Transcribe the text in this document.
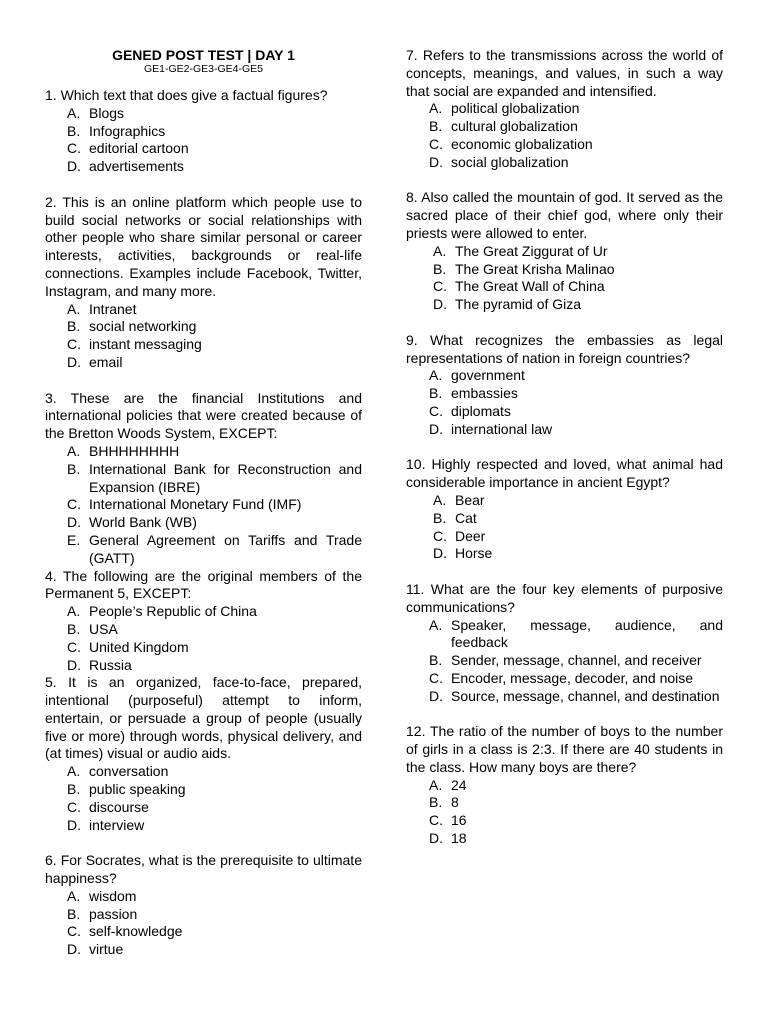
GENED POST TEST | DAY 1
GE1-GE2-GE3-GE4-GE5
1. Which text that does give a factual figures?
A. Blogs
B. Infographics
C. editorial cartoon
D. advertisements
2. This is an online platform which people use to build social networks or social relationships with other people who share similar personal or career interests, activities, backgrounds or real-life connections. Examples include Facebook, Twitter, Instagram, and many more.
A. Intranet
B. social networking
C. instant messaging
D. email
3. These are the financial Institutions and international policies that were created because of the Bretton Woods System, EXCEPT:
A. BHHHHHHHH
B. International Bank for Reconstruction and Expansion (IBRE)
C. International Monetary Fund (IMF)
D. World Bank (WB)
E. General Agreement on Tariffs and Trade (GATT)
4. The following are the original members of the Permanent 5, EXCEPT:
A. People’s Republic of China
B. USA
C. United Kingdom
D. Russia
5. It is an organized, face-to-face, prepared, intentional (purposeful) attempt to inform, entertain, or persuade a group of people (usually five or more) through words, physical delivery, and (at times) visual or audio aids.
A. conversation
B. public speaking
C. discourse
D. interview
6. For Socrates, what is the prerequisite to ultimate happiness?
A. wisdom
B. passion
C. self-knowledge
D. virtue
7. Refers to the transmissions across the world of concepts, meanings, and values, in such a way that social are expanded and intensified.
A. political globalization
B. cultural globalization
C. economic globalization
D. social globalization
8. Also called the mountain of god. It served as the sacred place of their chief god, where only their priests were allowed to enter.
A. The Great Ziggurat of Ur
B. The Great Krisha Malinao
C. The Great Wall of China
D. The pyramid of Giza
9. What recognizes the embassies as legal representations of nation in foreign countries?
A. government
B. embassies
C. diplomats
D. international law
10. Highly respected and loved, what animal had considerable importance in ancient Egypt?
A. Bear
B. Cat
C. Deer
D. Horse
11. What are the four key elements of purposive communications?
A. Speaker, message, audience, and feedback
B. Sender, message, channel, and receiver
C. Encoder, message, decoder, and noise
D. Source, message, channel, and destination
12. The ratio of the number of boys to the number of girls in a class is 2:3. If there are 40 students in the class. How many boys are there?
A. 24
B. 8
C. 16
D. 18
